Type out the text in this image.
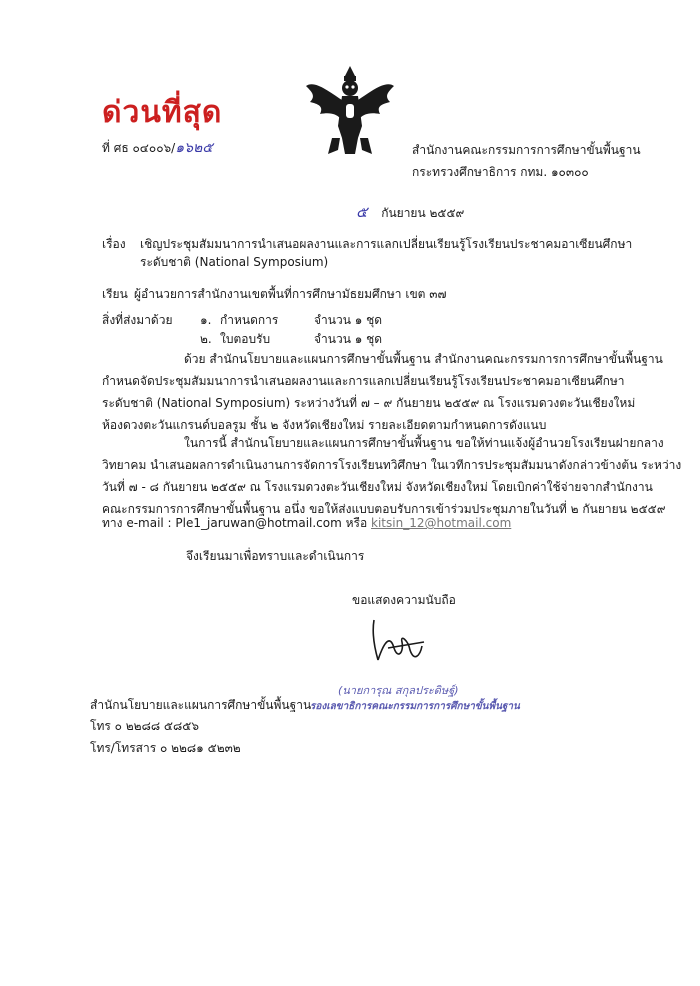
ด่วนที่สุด
ที่ ศธ ๐๔๐๐๖/๑๖๒๕	สำนักงานคณะกรรมการการศึกษาขั้นพื้นฐาน
กระทรวงศึกษาธิการ กทม. ๑๐๓๐๐
๕ กันยายน ๒๕๕๙
เรื่อง เชิญประชุมสัมมนาการนำเสนอผลงานและการแลกเปลี่ยนเรียนรู้โรงเรียนประชาคมอาเซียนศึกษา
ระดับชาติ (National Symposium)
เรียน ผู้อำนวยการสำนักงานเขตพื้นที่การศึกษามัธยมศึกษา เขต ๓๗
สิ่งที่ส่งมาด้วย ๑. กำหนดการ	จำนวน ๑ ชุด
๒. ใบตอบรับ	จำนวน ๑ ชุด
ด้วย สำนักนโยบายและแผนการศึกษาขั้นพื้นฐาน สำนักงานคณะกรรมการการศึกษาขั้นพื้นฐาน
กำหนดจัดประชุมสัมมนาการนำเสนอผลงานและการแลกเปลี่ยนเรียนรู้โรงเรียนประชาคมอาเซียนศึกษา
ระดับชาติ (National Symposium) ระหว่างวันที่ ๗ – ๙ กันยายน ๒๕๕๙ ณ โรงแรมดวงตะวันเชียงใหม่
ห้องดวงตะวันแกรนด์บอลรูม ชั้น ๒ จังหวัดเชียงใหม่ รายละเอียดตามกำหนดการดังแนบ
ในการนี้ สำนักนโยบายและแผนการศึกษาขั้นพื้นฐาน ขอให้ท่านแจ้งผู้อำนวยโรงเรียนฝายกลาง
วิทยาคม นำเสนอผลการดำเนินงานการจัดการโรงเรียนทวิศึกษา ในเวทีการประชุมสัมมนาดังกล่าวข้างต้น ระหว่าง
วันที่ ๗ - ๘ กันยายน ๒๕๕๙ ณ โรงแรมดวงตะวันเชียงใหม่ จังหวัดเชียงใหม่ โดยเบิกค่าใช้จ่ายจากสำนักงาน
คณะกรรมการการศึกษาขั้นพื้นฐาน อนึ่ง ขอให้ส่งแบบตอบรับการเข้าร่วมประชุมภายในวันที่ ๒ กันยายน ๒๕๕๙
ทาง e-mail : Ple1_jaruwan@hotmail.com หรือ kitsin_12@hotmail.com
จึงเรียนมาเพื่อทราบและดำเนินการ
ขอแสดงความนับถือ
(นายการุณ สกุลประดิษฐ์)
รองเลขาธิการคณะกรรมการการศึกษาขั้นพื้นฐาน
สำนักนโยบายและแผนการศึกษาขั้นพื้นฐาน
โทร ๐ ๒๒๘๘ ๕๘๕๖
โทร/โทรสาร ๐ ๒๒๘๑ ๕๒๓๒
